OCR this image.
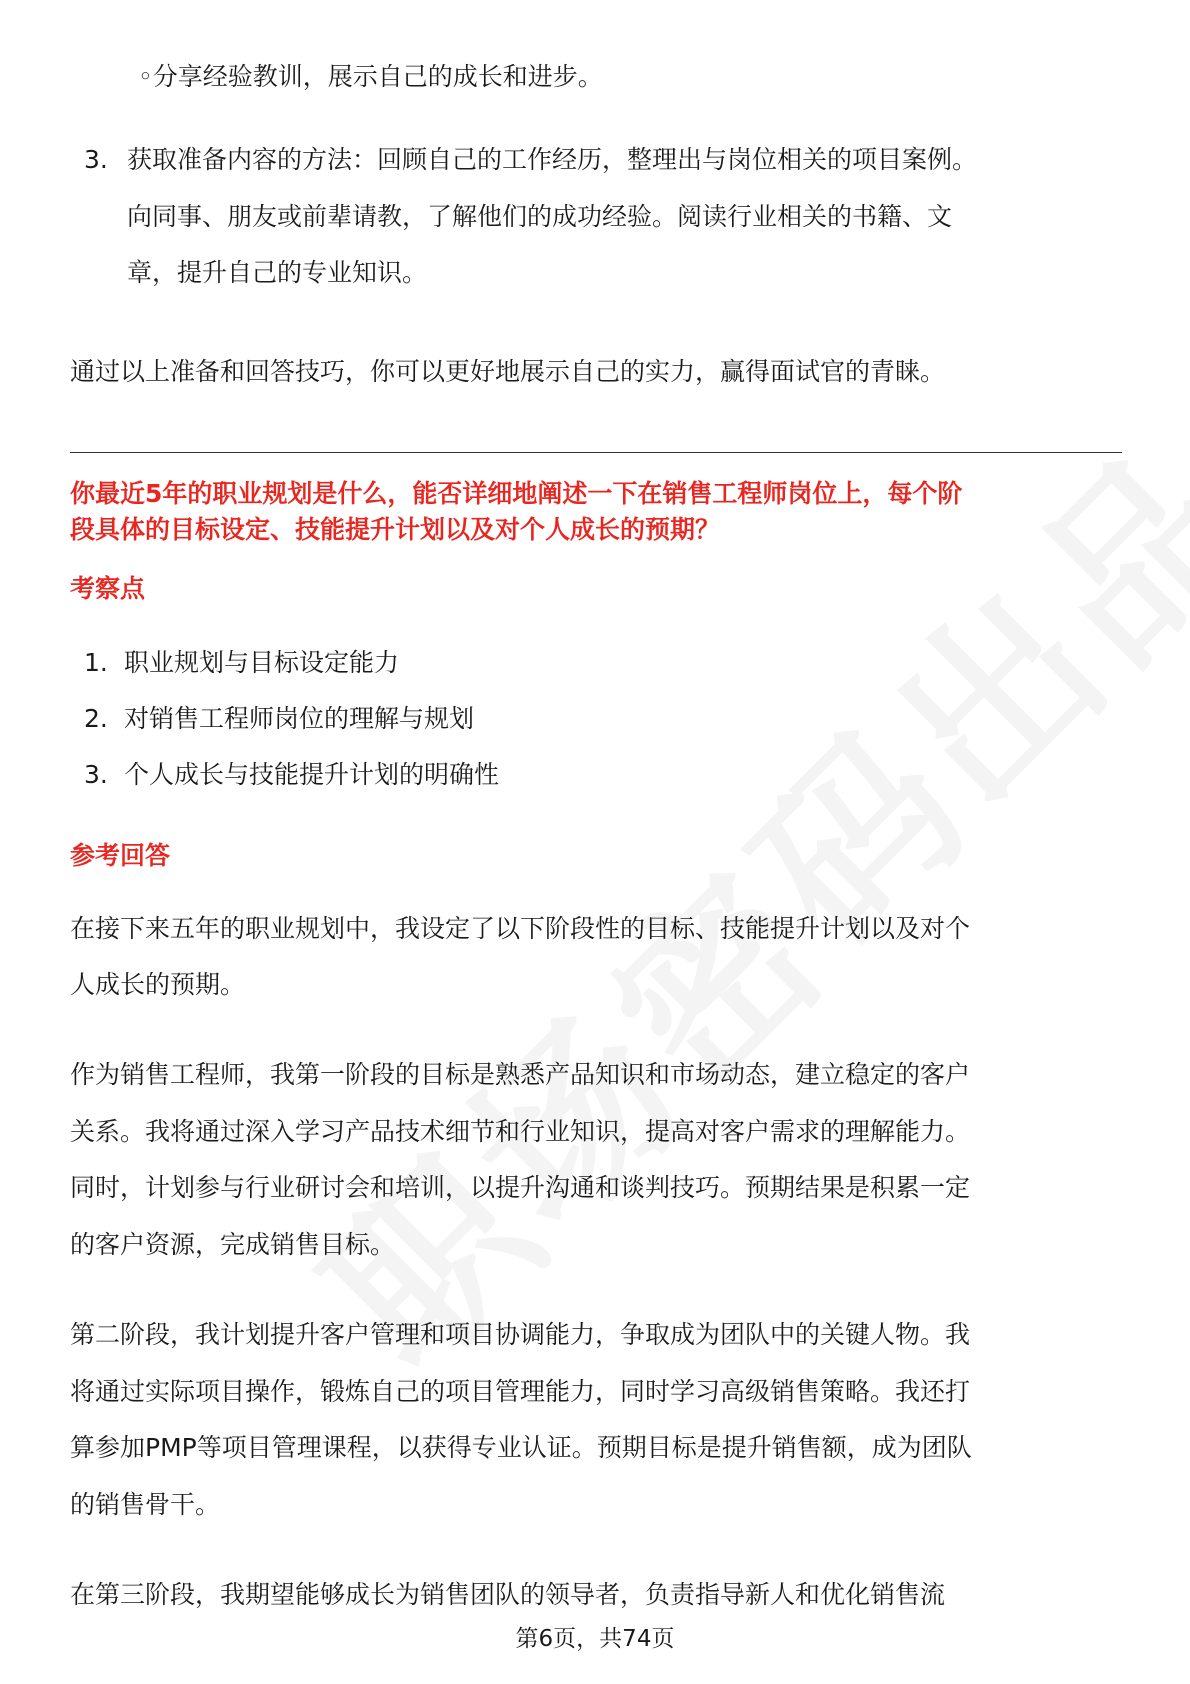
◦分享经验教训，展示自己的成长和进步。
3. 获取准备内容的方法：回顾自己的工作经历，整理出与岗位相关的项目案例。
向同事、朋友或前辈请教，了解他们的成功经验。阅读行业相关的书籍、文
章，提升自己的专业知识。
通过以上准备和回答技巧，你可以更好地展示自己的实力，赢得面试官的青睐。
你最近5年的职业规划是什么，能否详细地阐述一下在销售工程师岗位上，每个阶
段具体的目标设定、技能提升计划以及对个人成长的预期？
考察点
1. 职业规划与目标设定能力
2. 对销售工程师岗位的理解与规划
3. 个人成长与技能提升计划的明确性
参考回答
在接下来五年的职业规划中，我设定了以下阶段性的目标、技能提升计划以及对个
人成长的预期。
作为销售工程师，我第一阶段的目标是熟悉产品知识和市场动态，建立稳定的客户
关系。我将通过深入学习产品技术细节和行业知识，提高对客户需求的理解能力。
同时，计划参与行业研讨会和培训，以提升沟通和谈判技巧。预期结果是积累一定
的客户资源，完成销售目标。
第二阶段，我计划提升客户管理和项目协调能力，争取成为团队中的关键人物。我
将通过实际项目操作，锻炼自己的项目管理能力，同时学习高级销售策略。我还打
算参加PMP等项目管理课程，以获得专业认证。预期目标是提升销售额，成为团队
的销售骨干。
在第三阶段，我期望能够成长为销售团队的领导者，负责指导新人和优化销售流
第6页，共74页
